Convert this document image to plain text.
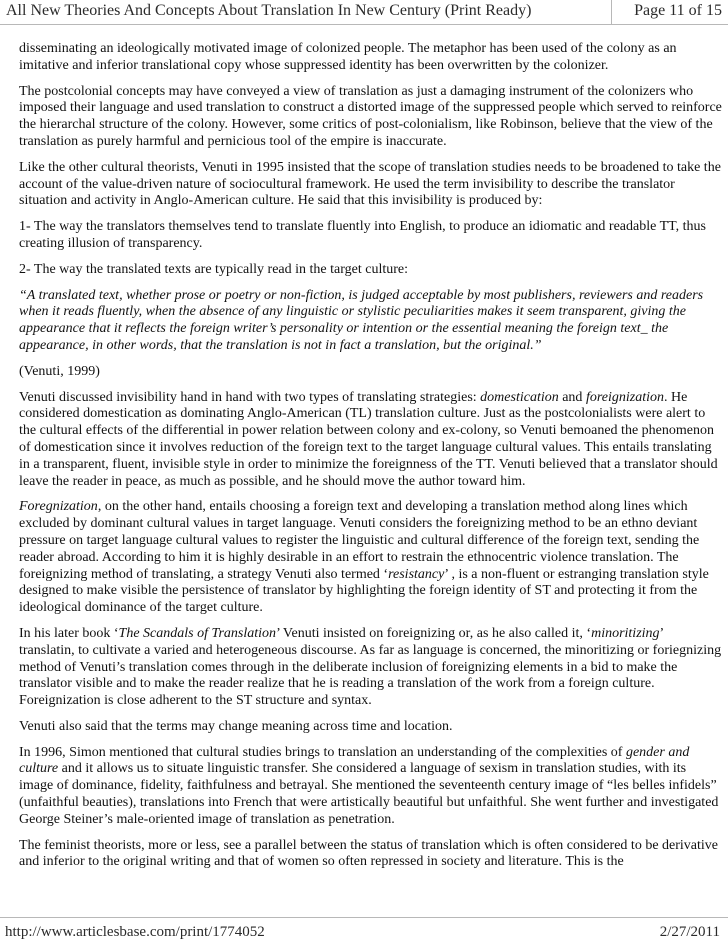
All New Theories And Concepts About Translation In New Century (Print Ready)	Page 11 of 15

disseminating an ideologically motivated image of colonized people. The metaphor has been used of the colony as an imitative and inferior translational copy whose suppressed identity has been overwritten by the colonizer.

The postcolonial concepts may have conveyed a view of translation as just a damaging instrument of the colonizers who imposed their language and used translation to construct a distorted image of the suppressed people which served to reinforce the hierarchal structure of the colony. However, some critics of post-colonialism, like Robinson, believe that the view of the translation as purely harmful and pernicious tool of the empire is inaccurate.

Like the other cultural theorists, Venuti in 1995 insisted that the scope of translation studies needs to be broadened to take the account of the value-driven nature of sociocultural framework. He used the term invisibility to describe the translator situation and activity in Anglo-American culture. He said that this invisibility is produced by:

1- The way the translators themselves tend to translate fluently into English, to produce an idiomatic and readable TT, thus creating illusion of transparency.

2- The way the translated texts are typically read in the target culture:

“A translated text, whether prose or poetry or non-fiction, is judged acceptable by most publishers, reviewers and readers when it reads fluently, when the absence of any linguistic or stylistic peculiarities makes it seem transparent, giving the appearance that it reflects the foreign writer’s personality or intention or the essential meaning the foreign text_ the appearance, in other words, that the translation is not in fact a translation, but the original.”

(Venuti, 1999)

Venuti discussed invisibility hand in hand with two types of translating strategies: domestication and foreignization. He considered domestication as dominating Anglo-American (TL) translation culture. Just as the postcolonialists were alert to the cultural effects of the differential in power relation between colony and ex-colony, so Venuti bemoaned the phenomenon of domestication since it involves reduction of the foreign text to the target language cultural values. This entails translating in a transparent, fluent, invisible style in order to minimize the foreignness of the TT. Venuti believed that a translator should leave the reader in peace, as much as possible, and he should move the author toward him.

Foregnization, on the other hand, entails choosing a foreign text and developing a translation method along lines which excluded by dominant cultural values in target language. Venuti considers the foreignizing method to be an ethno deviant pressure on target language cultural values to register the linguistic and cultural difference of the foreign text, sending the reader abroad. According to him it is highly desirable in an effort to restrain the ethnocentric violence translation. The foreignizing method of translating, a strategy Venuti also termed ‘resistancy’ , is a non-fluent or estranging translation style designed to make visible the persistence of translator by highlighting the foreign identity of ST and protecting it from the ideological dominance of the target culture.

In his later book ‘The Scandals of Translation’ Venuti insisted on foreignizing or, as he also called it, ‘minoritizing’ translatin, to cultivate a varied and heterogeneous discourse. As far as language is concerned, the minoritizing or foriegnizing method of Venuti’s translation comes through in the deliberate inclusion of foreignizing elements in a bid to make the translator visible and to make the reader realize that he is reading a translation of the work from a foreign culture. Foreignization is close adherent to the ST structure and syntax.

Venuti also said that the terms may change meaning across time and location.

In 1996, Simon mentioned that cultural studies brings to translation an understanding of the complexities of gender and culture and it allows us to situate linguistic transfer. She considered a language of sexism in translation studies, with its image of dominance, fidelity, faithfulness and betrayal. She mentioned the seventeenth century image of “les belles infidels” (unfaithful beauties), translations into French that were artistically beautiful but unfaithful. She went further and investigated George Steiner’s male-oriented image of translation as penetration.

The feminist theorists, more or less, see a parallel between the status of translation which is often considered to be derivative and inferior to the original writing and that of women so often repressed in society and literature. This is the

http://www.articlesbase.com/print/1774052	2/27/2011
